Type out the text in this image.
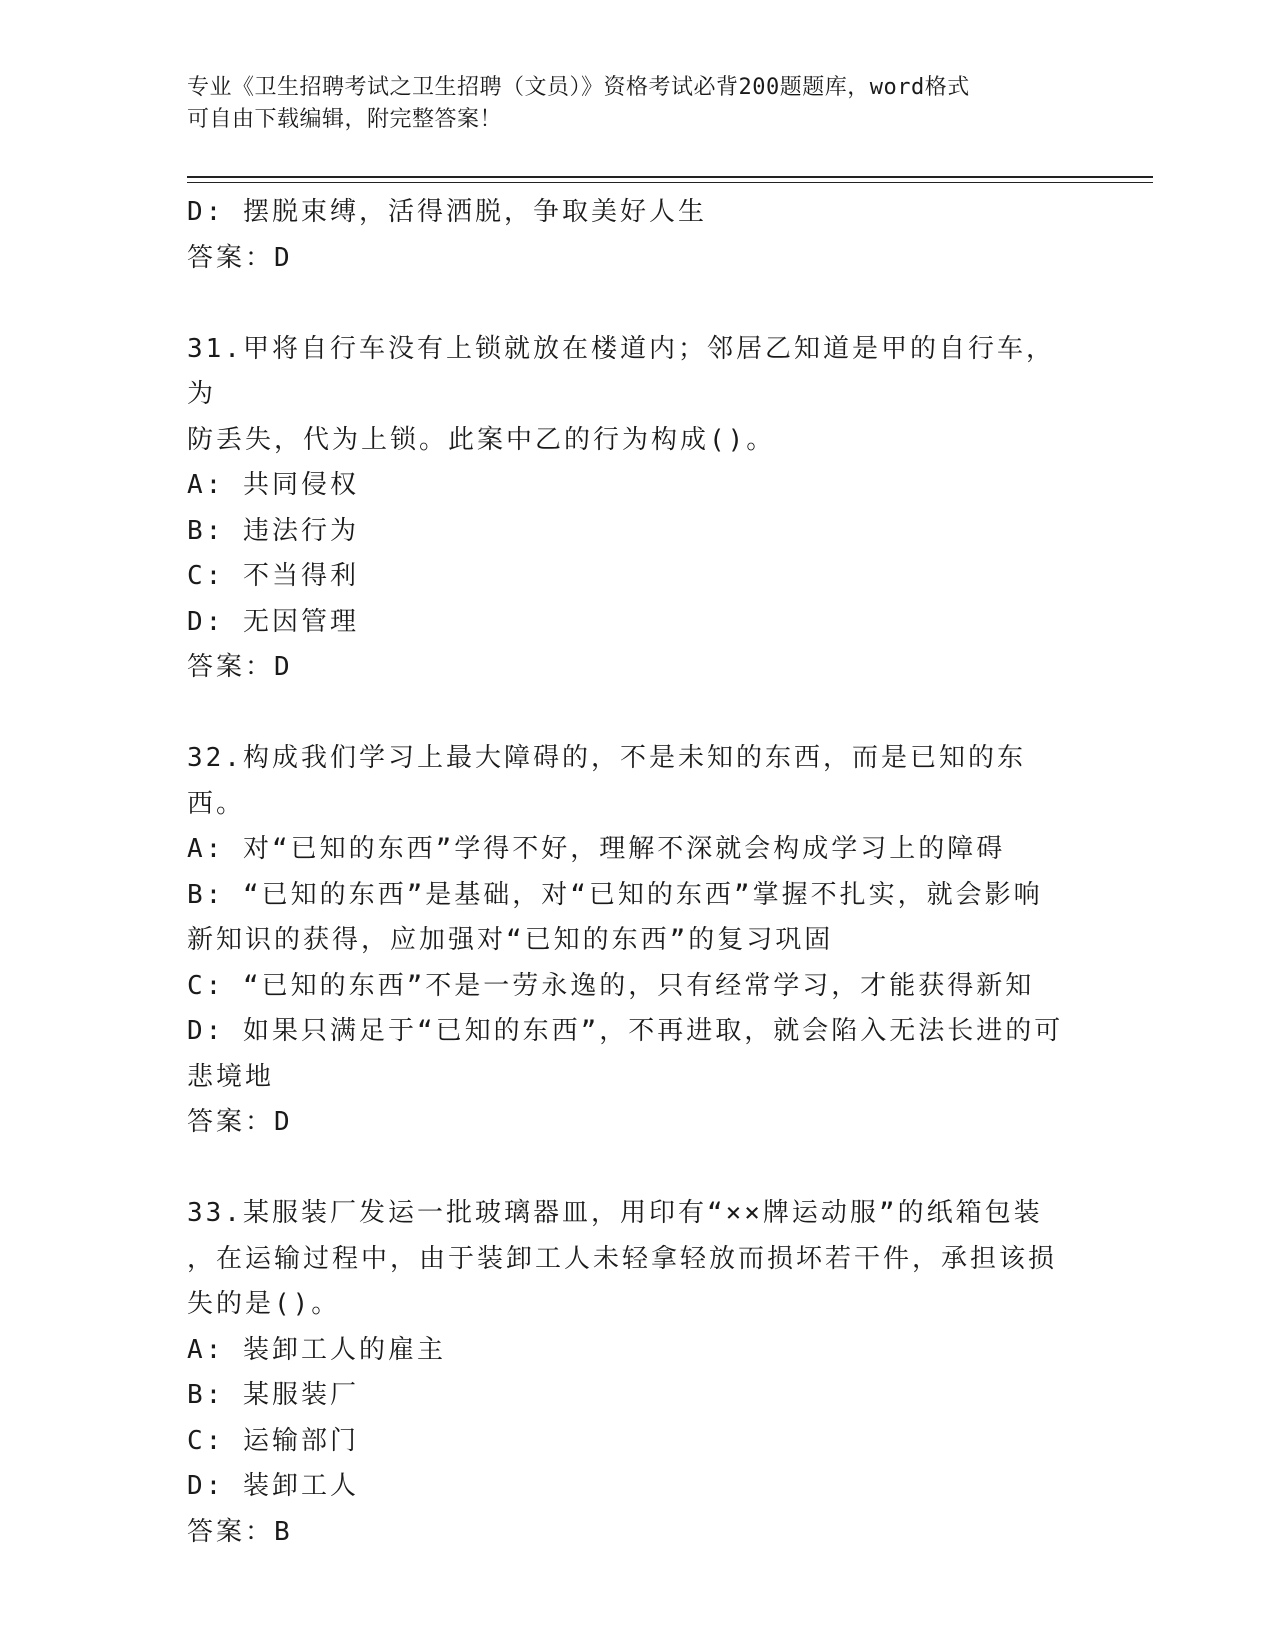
专业《卫生招聘考试之卫生招聘（文员）》资格考试必背200题题库，word格式
可自由下载编辑，附完整答案！
D: 摆脱束缚，活得洒脱，争取美好人生
答案：D
31.甲将自行车没有上锁就放在楼道内；邻居乙知道是甲的自行车，为
防丢失，代为上锁。此案中乙的行为构成()。
A: 共同侵权
B: 违法行为
C: 不当得利
D: 无因管理
答案：D
32.构成我们学习上最大障碍的，不是未知的东西，而是已知的东西。
A: 对“已知的东西”学得不好，理解不深就会构成学习上的障碍
B: “已知的东西”是基础，对“已知的东西”掌握不扎实，就会影响
新知识的获得，应加强对“已知的东西”的复习巩固
C: “已知的东西”不是一劳永逸的，只有经常学习，才能获得新知
D: 如果只满足于“已知的东西”，不再进取，就会陷入无法长进的可
悲境地
答案：D
33.某服装厂发运一批玻璃器皿，用印有“××牌运动服”的纸箱包装
，在运输过程中，由于装卸工人未轻拿轻放而损坏若干件，承担该损
失的是()。
A: 装卸工人的雇主
B: 某服装厂
C: 运输部门
D: 装卸工人
答案：B
